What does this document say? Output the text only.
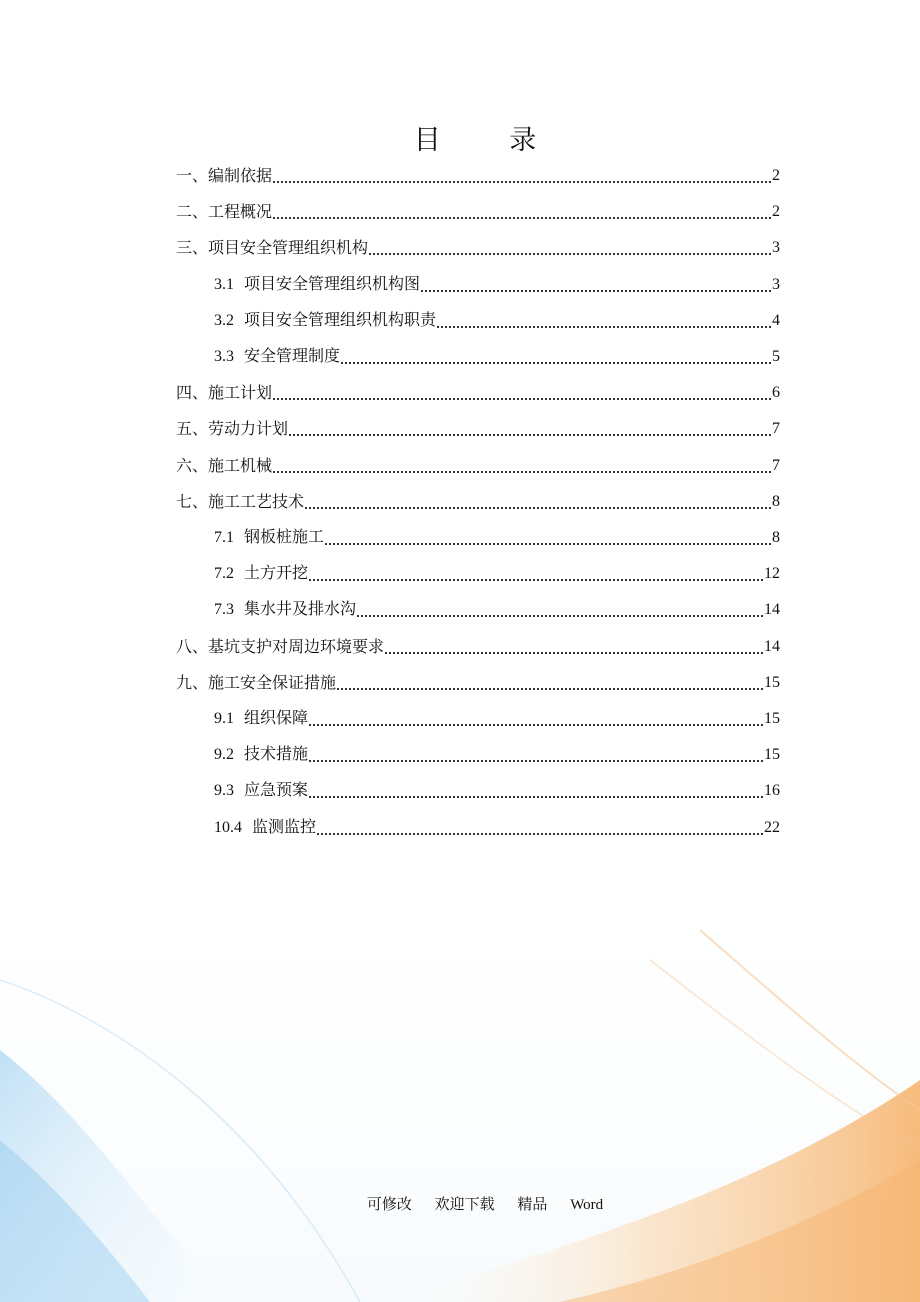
目 录
一、编制依据	2
二、工程概况	2
三、项目安全管理组织机构	3
3.1 项目安全管理组织机构图	3
3.2 项目安全管理组织机构职责	4
3.3 安全管理制度	5
四、施工计划	6
五、劳动力计划	7
六、施工机械	7
七、施工工艺技术	8
7.1 钢板桩施工	8
7.2 土方开挖	12
7.3 集水井及排水沟	14
八、基坑支护对周边环境要求	14
九、施工安全保证措施	15
9.1 组织保障	15
9.2 技术措施	15
9.3 应急预案	16
10.4 监测监控	22
可修改 欢迎下载 精品 Word
